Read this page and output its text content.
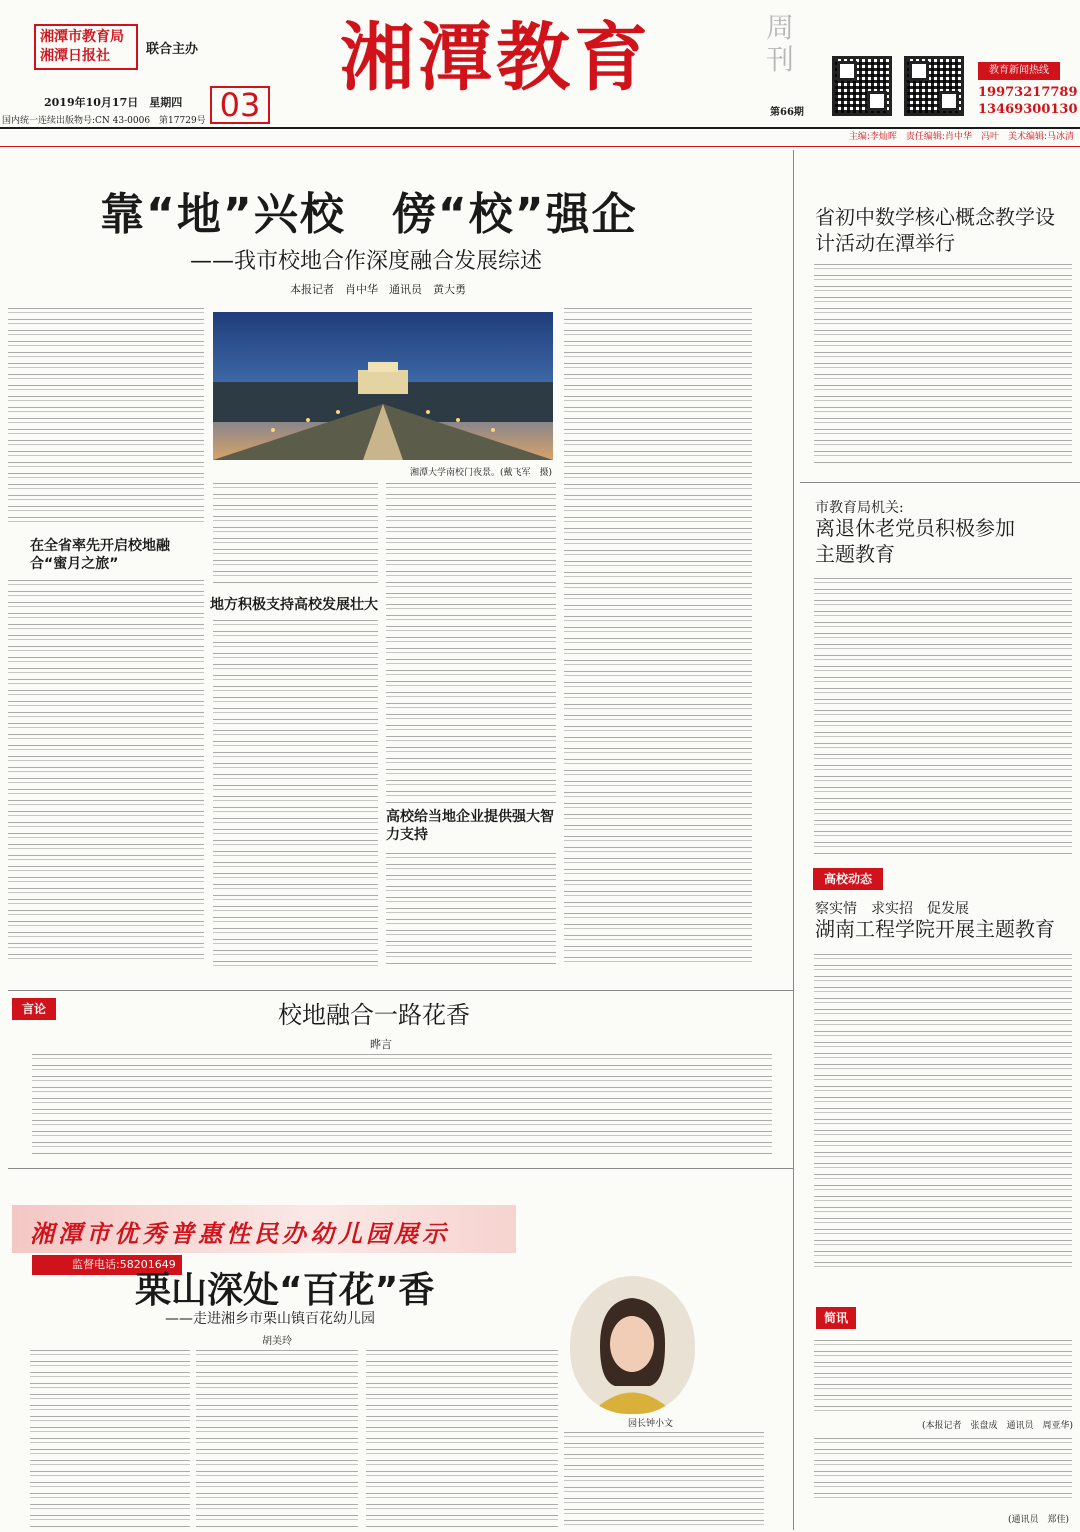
湘潭市教育局
湘潭日报社	联合主办
2019年10月17日　星期四
国内统一连续出版物号:CN 43-0006　第17729号 03
湘潭教育	周刊
第66期
教育新闻热线
19973217789
13469300130
主编:李灿晖　责任编辑:肖中华　冯叶　美术编辑:马冰清
靠“地”兴校　傍“校”强企
——我市校地合作深度融合发展综述
本报记者　肖中华　通讯员　黄大勇
在全省率先开启校地融合“蜜月之旅”
湘潭大学南校门夜景。(戴飞军　摄)
地方积极支持高校发展壮大
高校给当地企业提供强大智力支持
省初中数学核心概念教学设计活动在潭举行
市教育局机关:
离退休老党员积极参加主题教育
高校动态
察实情　求实招　促发展
湖南工程学院开展主题教育
简讯
(本报记者　张盘成　通讯员　周亚华)
(通讯员　郑佳)
言论	校地融合一路花香
晔言
湘潭市优秀普惠性民办幼儿园展示
监督电话:58201649
栗山深处“百花”香
——走进湘乡市栗山镇百花幼儿园
胡美玲
园长钟小文
